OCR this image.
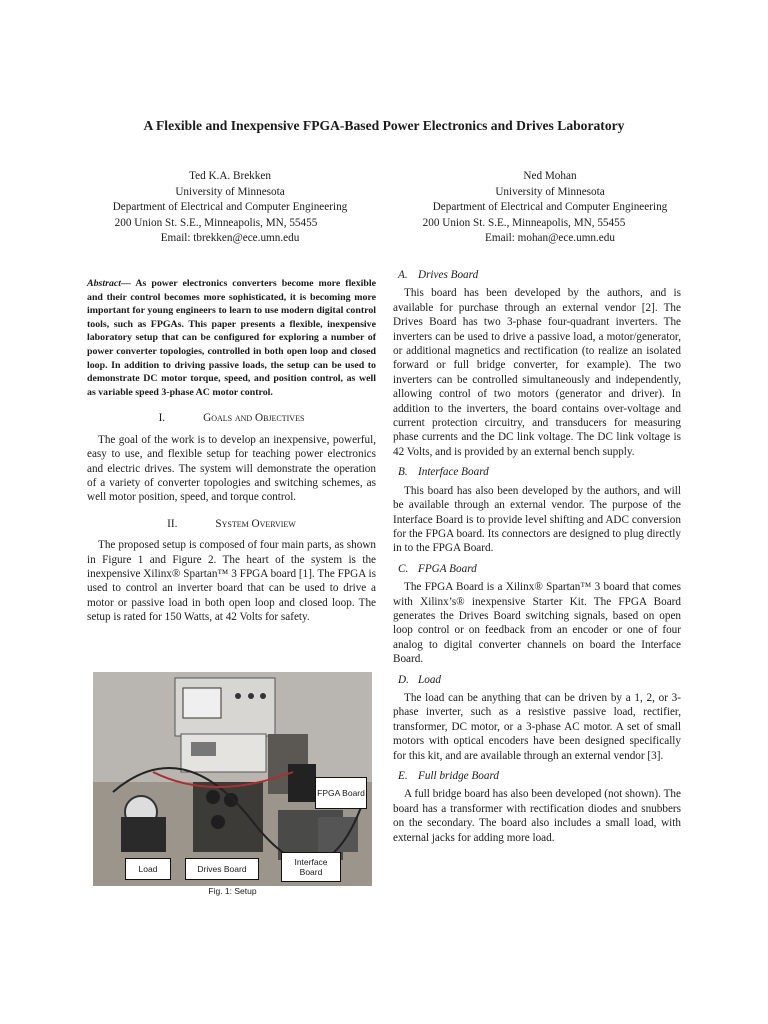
A Flexible and Inexpensive FPGA-Based Power Electronics and Drives Laboratory
Ted K.A. Brekken
University of Minnesota
Department of Electrical and Computer Engineering
200 Union St. S.E., Minneapolis, MN, 55455
Email: tbrekken@ece.umn.edu
Ned Mohan
University of Minnesota
Department of Electrical and Computer Engineering
200 Union St. S.E., Minneapolis, MN, 55455
Email: mohan@ece.umn.edu

Abstract— As power electronics converters become more flexible and their control becomes more sophisticated, it is becoming more important for young engineers to learn to use modern digital control tools, such as FPGAs. This paper presents a flexible, inexpensive laboratory setup that can be configured for exploring a number of power converter topologies, controlled in both open loop and closed loop. In addition to driving passive loads, the setup can be used to demonstrate DC motor torque, speed, and position control, as well as variable speed 3-phase AC motor control.

I.	Goals and Objectives

The goal of the work is to develop an inexpensive, powerful, easy to use, and flexible setup for teaching power electronics and electric drives. The system will demonstrate the operation of a variety of converter topologies and switching schemes, as well motor position, speed, and torque control.

II.	System Overview

The proposed setup is composed of four main parts, as shown in Figure 1 and Figure 2. The heart of the system is the inexpensive Xilinx® Spartan™ 3 FPGA board [1]. The FPGA is used to control an inverter board that can be used to drive a motor or passive load in both open loop and closed loop. The setup is rated for 150 Watts, at 42 Volts for safety.

FPGA Board
Load	Drives Board
Interface Board
Fig. 1: Setup
A. Drives Board

This board has been developed by the authors, and is available for purchase through an external vendor [2]. The Drives Board has two 3-phase four-quadrant inverters. The inverters can be used to drive a passive load, a motor/generator, or additional magnetics and rectification (to realize an isolated forward or full bridge converter, for example). The two inverters can be controlled simultaneously and independently, allowing control of two motors (generator and driver). In addition to the inverters, the board contains over-voltage and current protection circuitry, and transducers for measuring phase currents and the DC link voltage. The DC link voltage is 42 Volts, and is provided by an external bench supply.

B. Interface Board

This board has also been developed by the authors, and will be available through an external vendor. The purpose of the Interface Board is to provide level shifting and ADC conversion for the FPGA board. Its connectors are designed to plug directly in to the FPGA Board.

C. FPGA Board

The FPGA Board is a Xilinx® Spartan™ 3 board that comes with Xilinx’s® inexpensive Starter Kit. The FPGA Board generates the Drives Board switching signals, based on open loop control or on feedback from an encoder or one of four analog to digital converter channels on board the Interface Board.

D. Load

The load can be anything that can be driven by a 1, 2, or 3-phase inverter, such as a resistive passive load, rectifier, transformer, DC motor, or a 3-phase AC motor. A set of small motors with optical encoders have been designed specifically for this kit, and are available through an external vendor [3].

E. Full bridge Board

A full bridge board has also been developed (not shown). The board has a transformer with rectification diodes and snubbers on the secondary. The board also includes a small load, with external jacks for adding more load.
